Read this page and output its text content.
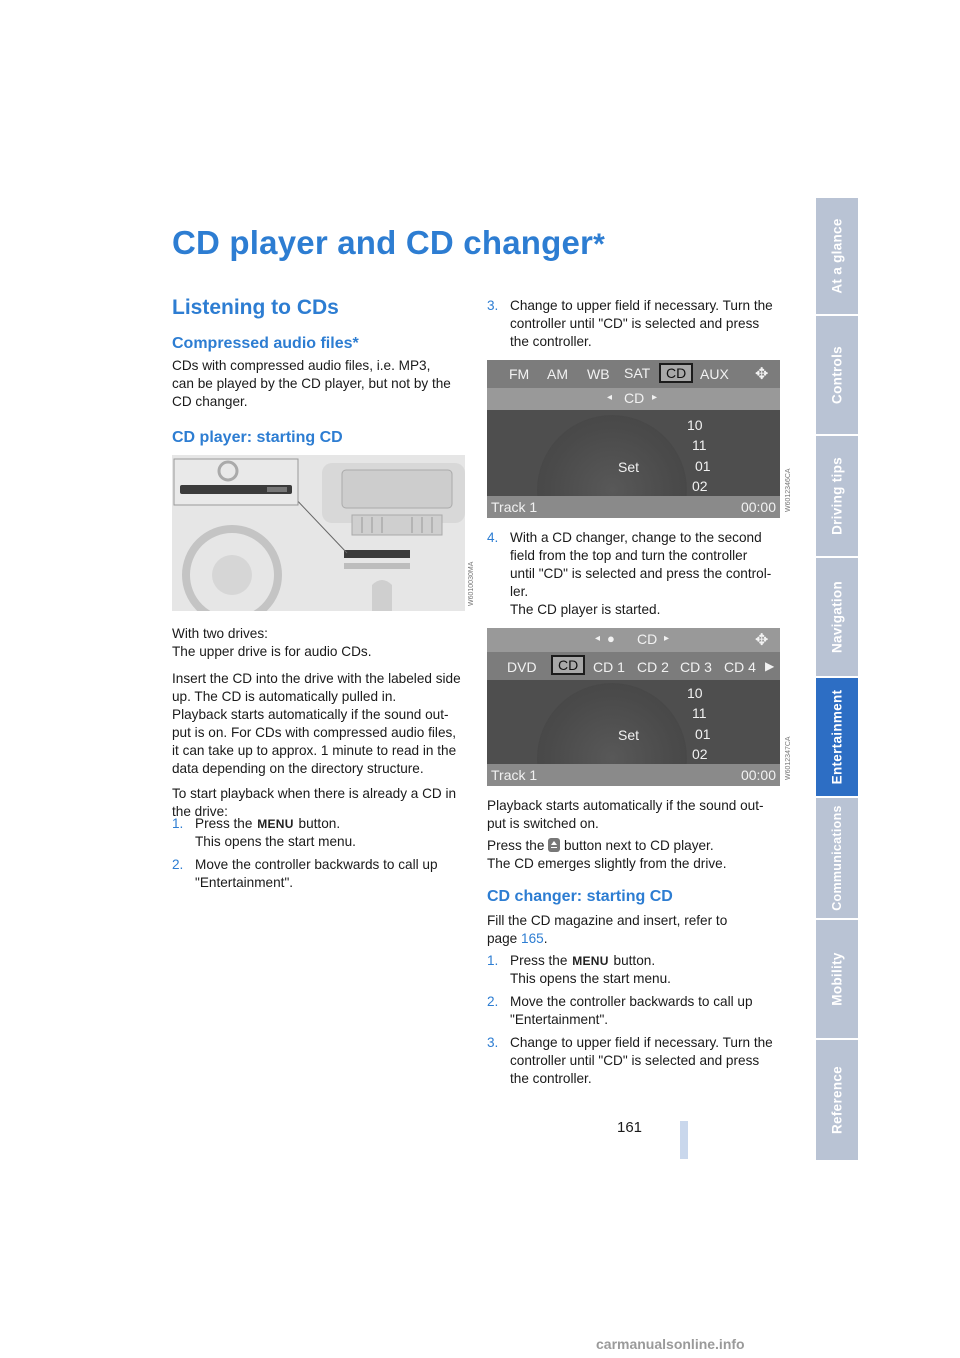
CD player and CD changer*
Listening to CDs
Compressed audio files*
CDs with compressed audio files, i.e. MP3,
can be played by the CD player, but not by the
CD changer.
CD player: starting CD
W6010030MA
With two drives:
The upper drive is for audio CDs.
Insert the CD into the drive with the labeled side
up. The CD is automatically pulled in.
Playback starts automatically if the sound out-
put is on. For CDs with compressed audio files,
it can take up to approx. 1 minute to read in the
data depending on the directory structure.
To start playback when there is already a CD in
the drive:
1. Press the MENU button.
This opens the start menu.
2. Move the controller backwards to call up
"Entertainment".
3. Change to upper field if necessary. Turn the
controller until "CD" is selected and press
the controller.
FM AM WB SAT	CD AUX ✥
◂ CD ▸
10
11
Set	01
02
Track 1	00:00 W6012346CA
4. With a CD changer, change to the second
field from the top and turn the controller
until "CD" is selected and press the control-
ler.
The CD player is started.
◂ ● CD ▸	✥
DVD	CD	CD 1 CD 2 CD 3 CD 4 ▶
10
11
Set	01
02
Track 1	00:00 W6012347CA
Playback starts automatically if the sound out-
put is switched on.
Press the button next to CD player.
The CD emerges slightly from the drive.
CD changer: starting CD
Fill the CD magazine and insert, refer to
page 165.
1. Press the MENU button.
This opens the start menu.
2. Move the controller backwards to call up
"Entertainment".
3. Change to upper field if necessary. Turn the
controller until "CD" is selected and press
the controller.
161
At a glance
Controls
Driving tips
Navigation
Entertainment
Communications
Mobility
Reference
carmanualsonline.info
